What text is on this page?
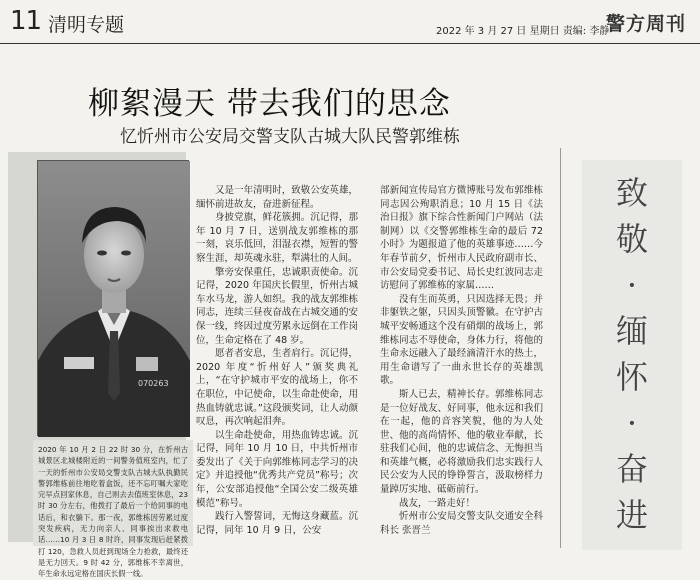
11 清明专题	2022 年 3 月 27 日 星期日 责编: 李静
警方周刊
柳絮漫天 带去我们的思念
忆忻州市公安局交警支队古城大队民警郭维栋
070263
2020 年 10 月 2 日 22 时 30 分，在忻州古城景区北城楼附近的一间警务值班室内，忙了一天的忻州市公安局交警支队古城大队执勤民警郭维栋前往地吃着盒饭，还不忘叮嘱大家吃完早点回家休息，自己则去去值班室休息，23 时 30 分左右，他拨打了最后一个给同事的电话后，和衣躺下。那一夜，郭维栋因劳累过度突发疾病，无力向亲人、同事挨出求救电话……10 月 3 日 8 时许，同事发现后赶紧拨打 120，急救人员赶到现场全力抢救，最终还是无力回天。9 时 42 分，郭维栋不幸离世，年生命永远定格在国庆长假一线。

又是一年清明时，致敬公安英雄，缅怀前进故友，奋进新征程。

身披党旗，鲜花簇拥。沉记得，那年 10 月 7 日，送别战友郭维栋的那一刻，哀乐低回，泪湿衣襟，短暂的警察生涯，却英魂永驻，犁满壮的人间。

擎旁安保重任，忠诚职责使命。沉记得，2020 年国庆长假里，忻州古城车水马龙，游人如织。我的战友郭维栋同志，连续三昼夜奋战在古城交通的安保一线，终因过度劳累永远倒在工作岗位，生命定格在了 48 岁。

愿者者安息，生者肩行。沉记得，2020 年度“忻州好人”颁奖典礼上，“在守护城市平安的战场上，你不在职位，中记使命，以生命赴使命，用热血铸就忠诚。”这段颁奖词，让人动颜叹息，再次响起泪奔。

以生命赴使命，用热血铸忠诚。沉记得，同年 10 月 10 日，中共忻州市委发出了《关于向郭维栋同志学习的决定》并追授他“优秀共产党员”称号；次年，公安部追授他“全国公安二级英雄模范”称号。

践行入警誓词，无悔这身藏蓝。沉记得，同年 10 月 9 日，公安

部新闻宣传局官方微博账号发布郭维栋同志因公殉职消息；10 月 15 日《法治日报》旗下综合性新闻门户网站（法制网）以《交警郭维栋生命的最后 72 小时》为题报道了他的英雄事迹……今年春节前夕，忻州市人民政府副市长、市公安局党委书记、局长史红波同志走访慰问了郭维栋的家属……

没有生而英勇，只因选择无畏；并非躯铁之躯，只因头顶警徽。在守护古城平安畅通这个没有硝烟的战场上，郭维栋同志不辱使命，身体力行，将他的生命永远融入了最经滴清汗水的热土，用生命谱写了一曲永世长存的英雄凯歌。

斯人已去，精神长存。郭维栋同志是一位好战友、好同事，他永远和我们在一起，他的音容笑貌，他的为人处世、他的高尚情怀、他的敬业奉献，长驻我们心间，他的忠诚信念、无悔担当和英雄气概，必将激励我们忠实践行人民公安为人民的铮铮誓言，汲取榜样力量踔厉实地、砥砺前行。

战友，一路走好！

忻州市公安局交警支队交通安全科科长 张晋兰

致
敬
·
缅
怀
·
奋
进
